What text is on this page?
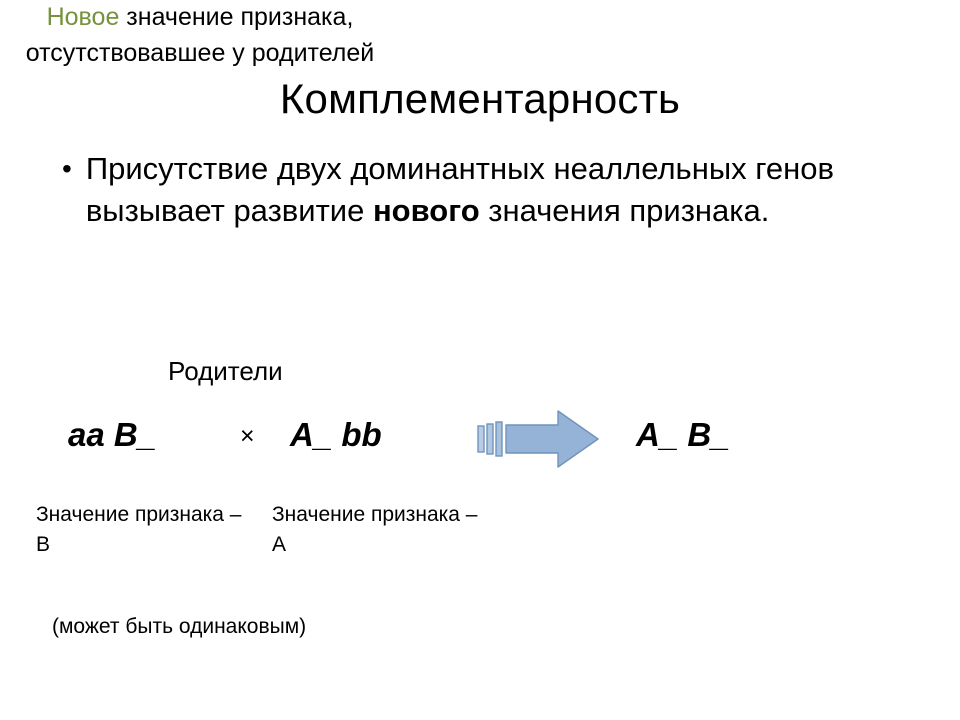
Комплементарность
• Присутствие двух доминантных неаллельных генов вызывает развитие нового значения признака.
Родители
aa B_	× A_ bb	A_ B_
Значение признака – B
Значение признака – A
(может быть одинаковым)
Новое значение признака, отсутствовавшее у родителей
